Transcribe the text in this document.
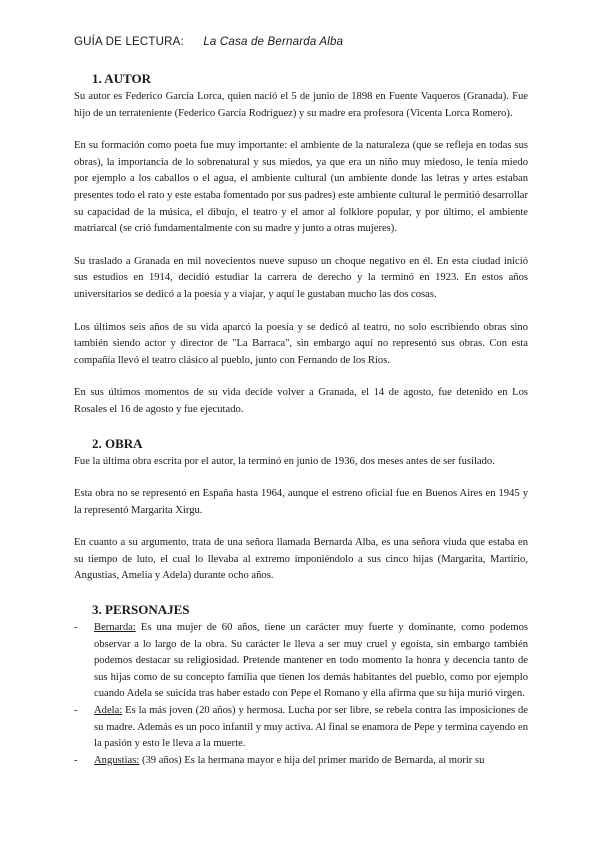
GUÍA DE LECTURA: La Casa de Bernarda Alba
1. AUTOR

Su autor es Federico García Lorca, quien nació el 5 de junio de 1898 en Fuente Vaqueros (Granada). Fue hijo de un terrateniente (Federico García Rodríguez) y su madre era profesora (Vicenta Lorca Romero).

En su formación como poeta fue muy importante: el ambiente de la naturaleza (que se refleja en todas sus obras), la importancia de lo sobrenatural y sus miedos, ya que era un niño muy miedoso, le tenía miedo por ejemplo a los caballos o el agua, el ambiente cultural (un ambiente donde las letras y artes estaban presentes todo el rato y este estaba fomentado por sus padres) este ambiente cultural le permitió desarrollar su capacidad de la música, el dibujo, el teatro y el amor al folklore popular, y por último, el ambiente matriarcal (se crió fundamentalmente con su madre y junto a otras mujeres).

Su traslado a Granada en mil novecientos nueve supuso un choque negativo en él. En esta ciudad inició sus estudios en 1914, decidió estudiar la carrera de derecho y la terminó en 1923. En estos años universitarios se dedicó a la poesía y a viajar, y aquí le gustaban mucho las dos cosas.

Los últimos seis años de su vida aparcó la poesía y se dedicó al teatro, no solo escribiendo obras sino también siendo actor y director de "La Barraca", sin embargo aquí no representó sus obras. Con esta compañía llevó el teatro clásico al pueblo, junto con Fernando de los Ríos.

En sus últimos momentos de su vida decide volver a Granada, el 14 de agosto, fue detenido en Los Rosales el 16 de agosto y fue ejecutado.

2. OBRA

Fue la última obra escrita por el autor, la terminó en junio de 1936, dos meses antes de ser fusilado.

Esta obra no se representó en España hasta 1964, aunque el estreno oficial fue en Buenos Aires en 1945 y la representó Margarita Xirgu.

En cuanto a su argumento, trata de una señora llamada Bernarda Alba, es una señora viuda que estaba en su tiempo de luto, el cual lo llevaba al extremo imponiéndolo a sus cinco hijas (Margarita, Martirio, Angustias, Amelia y Adela) durante ocho años.

3. PERSONAJES
- Bernarda: Es una mujer de 60 años, tiene un carácter muy fuerte y dominante, como podemos observar a lo largo de la obra. Su carácter le lleva a ser muy cruel y egoísta, sin embargo también podemos destacar su religiosidad. Pretende mantener en todo momento la honra y decencia tanto de sus hijas como de su concepto familia que tienen los demás habitantes del pueblo, como por ejemplo cuando Adela se suicida tras haber estado con Pepe el Romano y ella afirma que su hija murió virgen.
- Adela: Es la más joven (20 años) y hermosa. Lucha por ser libre, se rebela contra las imposiciones de su madre. Además es un poco infantil y muy activa. Al final se enamora de Pepe y termina cayendo en la pasión y esto le lleva a la muerte.
- Angustias: (39 años) Es la hermana mayor e hija del primer marido de Bernarda, al morir su
